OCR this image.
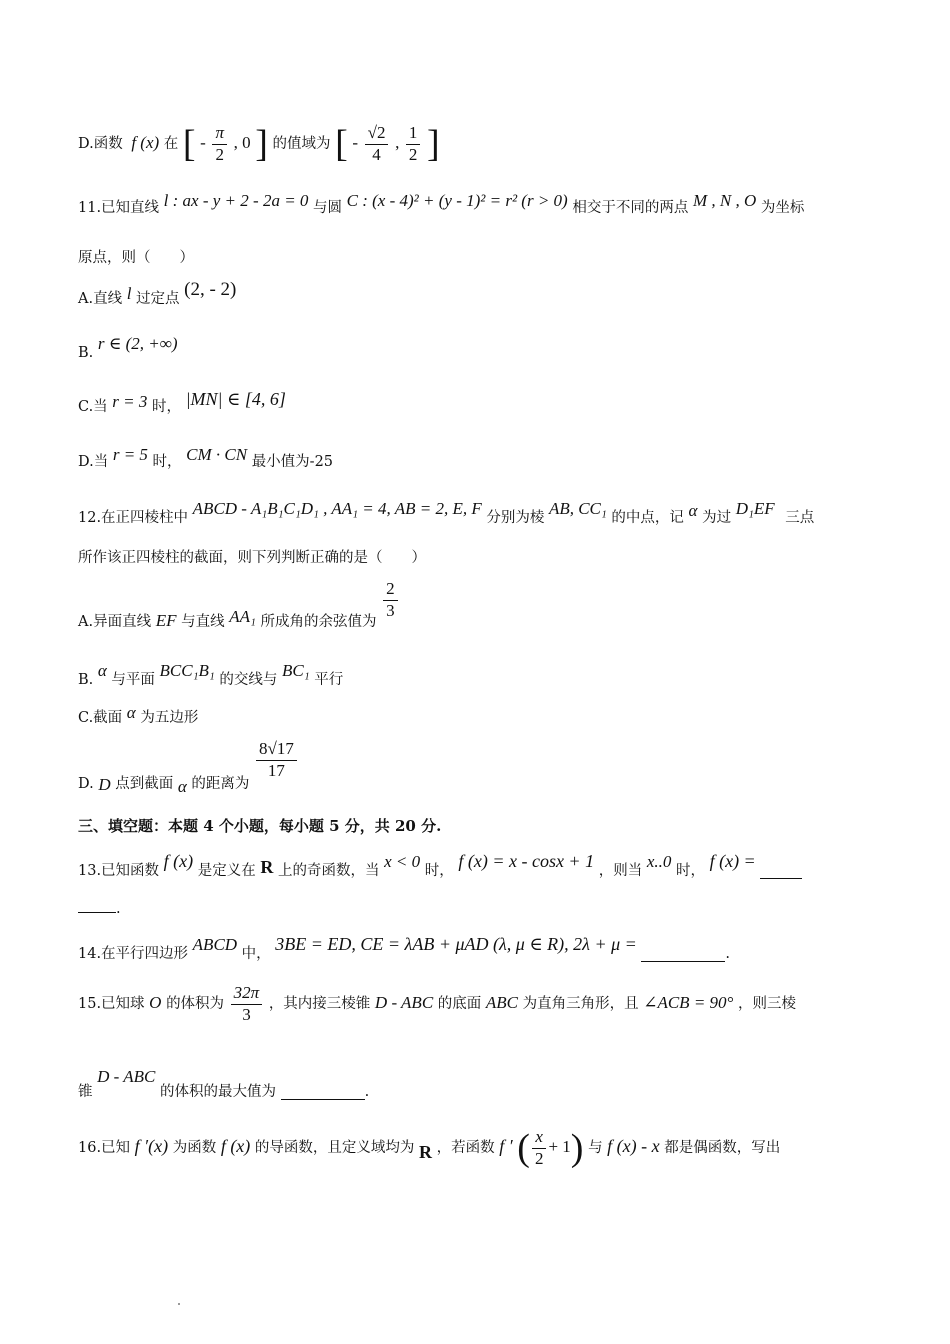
D.函数 f (x) 在 [ - $\frac{\pi}{2}$ , 0 ] 的值域为 [ - $\frac{√2}{4}$ , $\frac{1}{2}$ ]
11.已知直线 l : ax - y + 2 - 2a = 0 与圆 C : (x - 4)² + (y - 1)² = r² (r > 0) 相交于不同的两点 M , N , O 为坐标
原点，则（　　）
A.直线 l 过定点 (2, - 2)
B. r ∈ (2, +∞)
C.当 r = 3 时， |MN| ∈ [4, 6]
D.当 r = 5 时， CM · CN 最小值为-25
12.在正四棱柱中 ABCD - A₁B₁C₁D₁ , AA₁ = 4, AB = 2, E, F 分别为棱 AB, CC₁ 的中点，记 α 为过 D₁EF 三点
所作该正四棱柱的截面，则下列判断正确的是（　　）
A.异面直线 EF 与直线 AA₁ 所成角的余弦值为
$\frac{2}{3}$
B. α 与平面 BCC₁B₁ 的交线与 BC₁ 平行
C.截面 α 为五边形
D. D 点到截面 α 的距离为
$\frac{8√17}{17}$
三、填空题：本题 4 个小题，每小题 5 分，共 20 分.
13.已知函数 f (x) 是定义在 R 上的奇函数，当 x < 0 时， f (x) = x - cosx + 1 ，则当 x..0 时， f (x) =
.
14.在平行四边形 ABCD 中， 3BE = ED, CE = λAB + μAD (λ, μ ∈ R), 2λ + μ =	.
15.已知球 O 的体积为 $\frac{32\pi}{3}$ ，其内接三棱锥 D - ABC 的底面 ABC 为直角三角形，且 ∠ACB = 90° ，则三棱
锥 D - ABC 的体积的最大值为	.
16.已知 f ′(x) 为函数 f (x) 的导函数，且定义域均为 R ，若函数 f ′ ( $\frac{x}{2} + 1$) 与 f (x) - x 都是偶函数，写出
